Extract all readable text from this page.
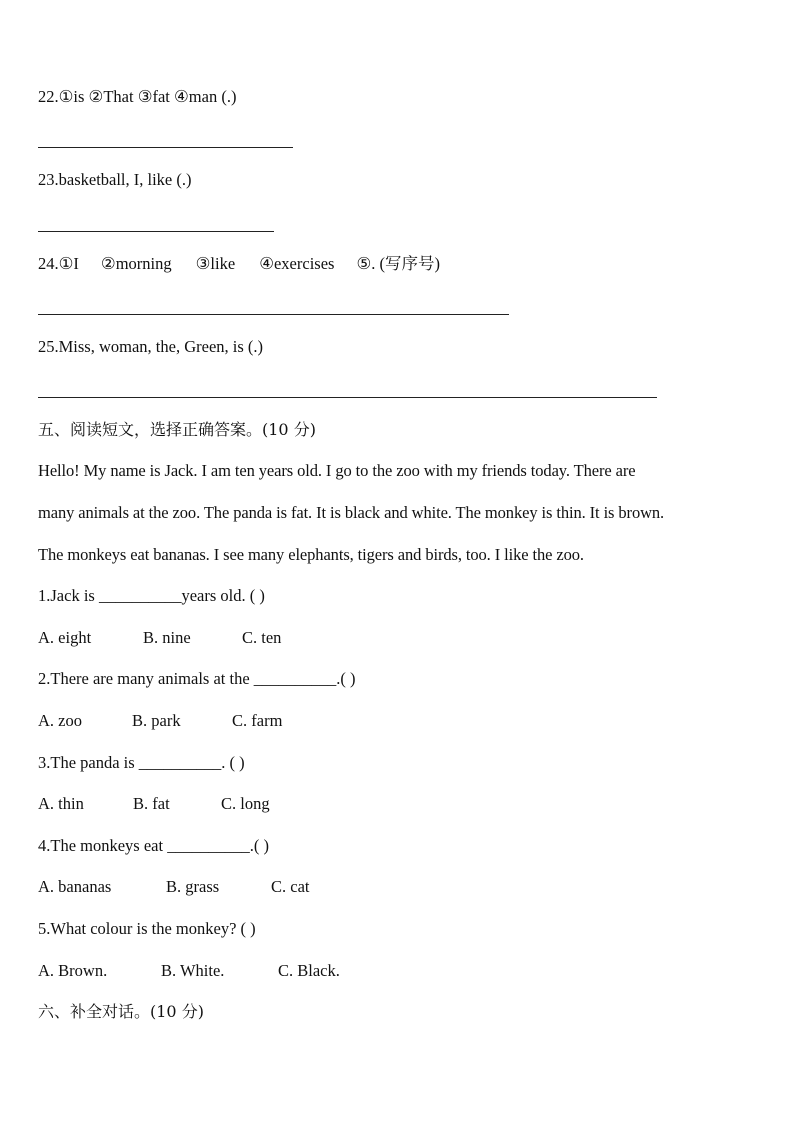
22.①is ②That ③fat ④man (.)
23.basketball, I, like (.)
24.①I ②morning ③like ④exercises ⑤. (写序号)
25.Miss, woman, the, Green, is (.)
五、阅读短文，选择正确答案。(10 分)
Hello! My name is Jack. I am ten years old. I go to the zoo with my friends today. There are
many animals at the zoo. The panda is fat. It is black and white. The monkey is thin. It is brown.
The monkeys eat bananas. I see many elephants, tigers and birds, too. I like the zoo.
1.Jack is __________years old. ( )
A. eight	B. nine	C. ten
2.There are many animals at the __________.( )
A. zoo	B. park	C. farm
3.The panda is __________. ( )
A. thin	B. fat	C. long
4.The monkeys eat __________.( )
A. bananas	B. grass	C. cat
5.What colour is the monkey? ( )
A. Brown.	B. White.	C. Black.
六、补全对话。(10 分)
